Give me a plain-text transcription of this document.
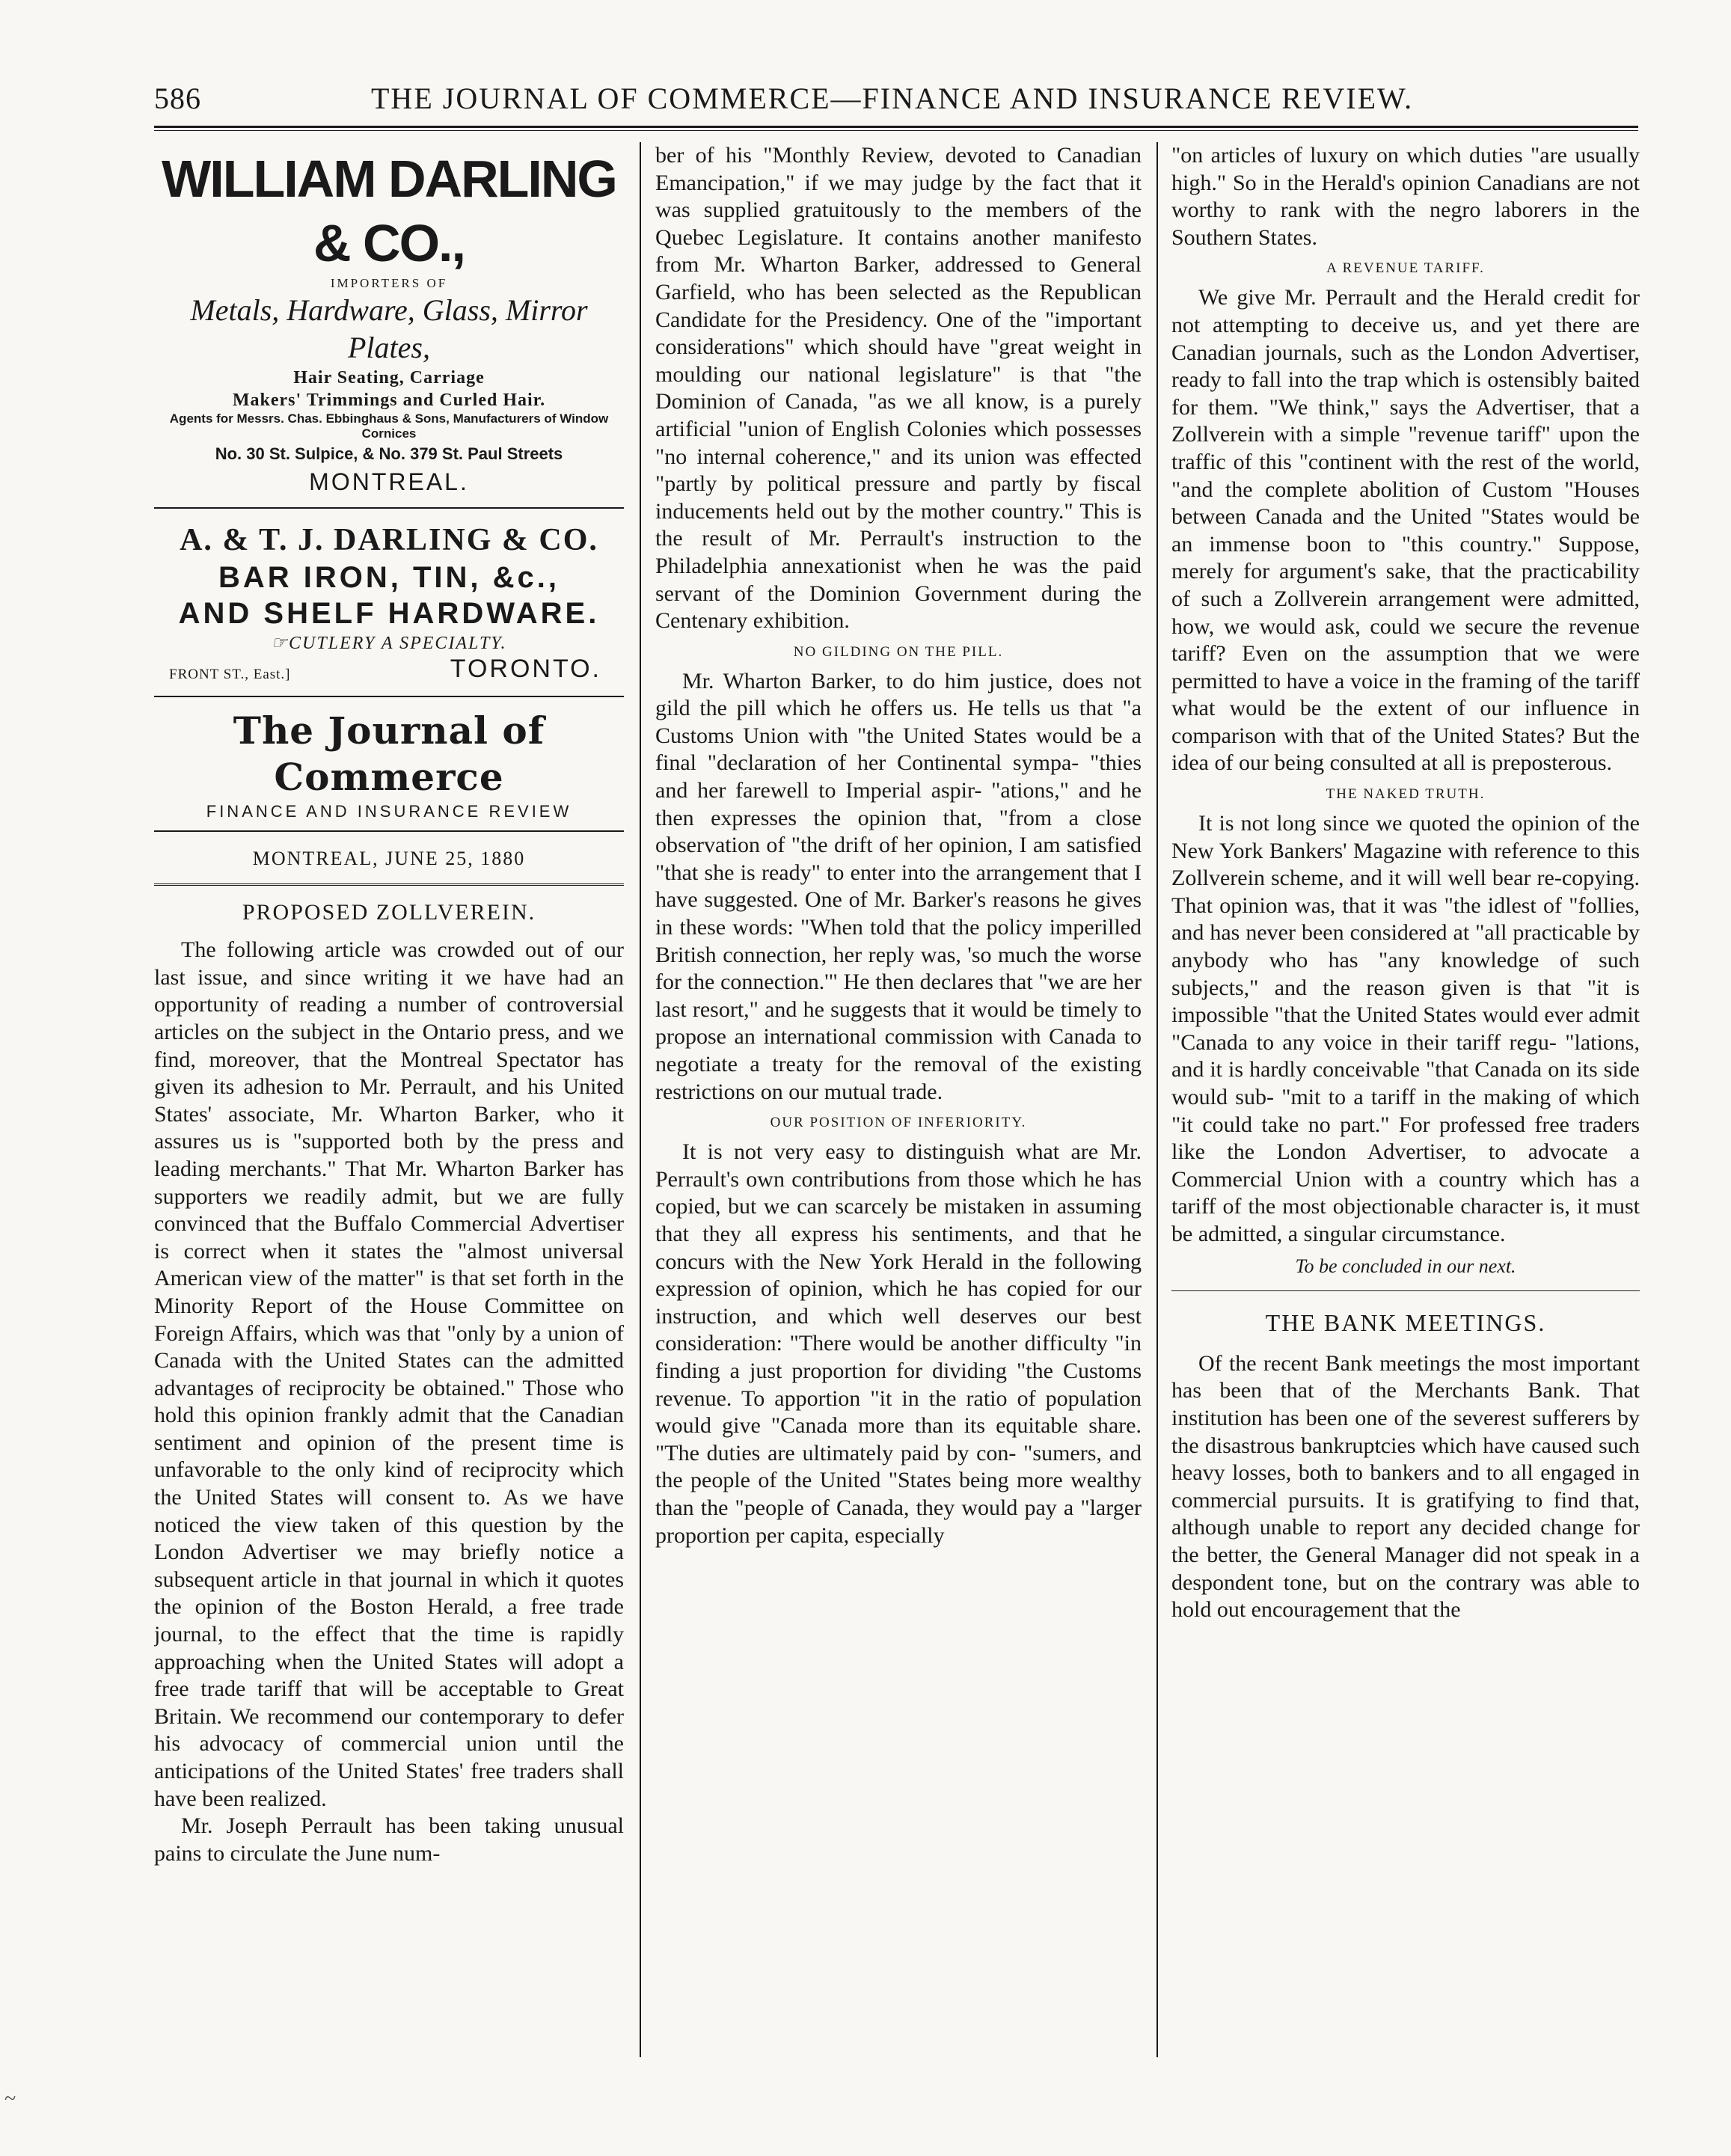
586	THE JOURNAL OF COMMERCE—FINANCE AND INSURANCE REVIEW.
WILLIAM DARLING & CO.,
IMPORTERS OF
Metals, Hardware, Glass, Mirror Plates,
Hair Seating, Carriage
Makers' Trimmings and Curled Hair.
Agents for Messrs. Chas. Ebbinghaus & Sons, Manufacturers of Window Cornices
No. 30 St. Sulpice, & No. 379 St. Paul Streets
MONTREAL.
A. & T. J. DARLING & CO.
BAR IRON, TIN, &c.,
AND SHELF HARDWARE.
☞CUTLERY A SPECIALTY.
FRONT ST., East.]	TORONTO.
The Journal of Commerce
FINANCE AND INSURANCE REVIEW
MONTREAL, JUNE 25, 1880
PROPOSED ZOLLVEREIN.

The following article was crowded out of our last issue, and since writing it we have had an opportunity of reading a number of controversial articles on the subject in the Ontario press, and we find, moreover, that the Montreal Spectator has given its adhesion to Mr. Perrault, and his United States' associate, Mr. Wharton Barker, who it assures us is "supported both by the press and leading merchants." That Mr. Wharton Barker has supporters we readily admit, but we are fully convinced that the Buffalo Commercial Advertiser is correct when it states the "almost universal American view of the matter" is that set forth in the Minority Report of the House Committee on Foreign Affairs, which was that "only by a union of Canada with the United States can the admitted advantages of reciprocity be obtained." Those who hold this opinion frankly admit that the Canadian sentiment and opinion of the present time is unfavorable to the only kind of reciprocity which the United States will consent to. As we have noticed the view taken of this question by the London Advertiser we may briefly notice a subsequent article in that journal in which it quotes the opinion of the Boston Herald, a free trade journal, to the effect that the time is rapidly approaching when the United States will adopt a free trade tariff that will be acceptable to Great Britain. We recommend our contemporary to defer his advocacy of commercial union until the anticipations of the United States' free traders shall have been realized.

Mr. Joseph Perrault has been taking unusual pains to circulate the June num-

ber of his "Monthly Review, devoted to Canadian Emancipation," if we may judge by the fact that it was supplied gratuitously to the members of the Quebec Legislature. It contains another manifesto from Mr. Wharton Barker, addressed to General Garfield, who has been selected as the Republican Candidate for the Presidency. One of the "important considerations" which should have "great weight in moulding our national legislature" is that "the Dominion of Canada, "as we all know, is a purely artificial "union of English Colonies which possesses "no internal coherence," and its union was effected "partly by political pressure and partly by fiscal inducements held out by the mother country." This is the result of Mr. Perrault's instruction to the Philadelphia annexationist when he was the paid servant of the Dominion Government during the Centenary exhibition.

NO GILDING ON THE PILL.

Mr. Wharton Barker, to do him justice, does not gild the pill which he offers us. He tells us that "a Customs Union with "the United States would be a final "declaration of her Continental sympa- "thies and her farewell to Imperial aspir- "ations," and he then expresses the opinion that, "from a close observation of "the drift of her opinion, I am satisfied "that she is ready" to enter into the arrangement that I have suggested. One of Mr. Barker's reasons he gives in these words: "When told that the policy imperilled British connection, her reply was, 'so much the worse for the connection.'" He then declares that "we are her last resort," and he suggests that it would be timely to propose an international commission with Canada to negotiate a treaty for the removal of the existing restrictions on our mutual trade.

OUR POSITION OF INFERIORITY.

It is not very easy to distinguish what are Mr. Perrault's own contributions from those which he has copied, but we can scarcely be mistaken in assuming that they all express his sentiments, and that he concurs with the New York Herald in the following expression of opinion, which he has copied for our instruction, and which well deserves our best consideration: "There would be another difficulty "in finding a just proportion for dividing "the Customs revenue. To apportion "it in the ratio of population would give "Canada more than its equitable share. "The duties are ultimately paid by con- "sumers, and the people of the United "States being more wealthy than the "people of Canada, they would pay a "larger proportion per capita, especially

"on articles of luxury on which duties "are usually high." So in the Herald's opinion Canadians are not worthy to rank with the negro laborers in the Southern States.

A REVENUE TARIFF.

We give Mr. Perrault and the Herald credit for not attempting to deceive us, and yet there are Canadian journals, such as the London Advertiser, ready to fall into the trap which is ostensibly baited for them. "We think," says the Advertiser, that a Zollverein with a simple "revenue tariff" upon the traffic of this "continent with the rest of the world, "and the complete abolition of Custom "Houses between Canada and the United "States would be an immense boon to "this country." Suppose, merely for argument's sake, that the practicability of such a Zollverein arrangement were admitted, how, we would ask, could we secure the revenue tariff? Even on the assumption that we were permitted to have a voice in the framing of the tariff what would be the extent of our influence in comparison with that of the United States? But the idea of our being consulted at all is preposterous.

THE NAKED TRUTH.

It is not long since we quoted the opinion of the New York Bankers' Magazine with reference to this Zollverein scheme, and it will well bear re-copying. That opinion was, that it was "the idlest of "follies, and has never been considered at "all practicable by anybody who has "any knowledge of such subjects," and the reason given is that "it is impossible "that the United States would ever admit "Canada to any voice in their tariff regu- "lations, and it is hardly conceivable "that Canada on its side would sub- "mit to a tariff in the making of which "it could take no part." For professed free traders like the London Advertiser, to advocate a Commercial Union with a country which has a tariff of the most objectionable character is, it must be admitted, a singular circumstance.

To be concluded in our next.
THE BANK MEETINGS.

Of the recent Bank meetings the most important has been that of the Merchants Bank. That institution has been one of the severest sufferers by the disastrous bankruptcies which have caused such heavy losses, both to bankers and to all engaged in commercial pursuits. It is gratifying to find that, although unable to report any decided change for the better, the General Manager did not speak in a despondent tone, but on the contrary was able to hold out encouragement that the

~
